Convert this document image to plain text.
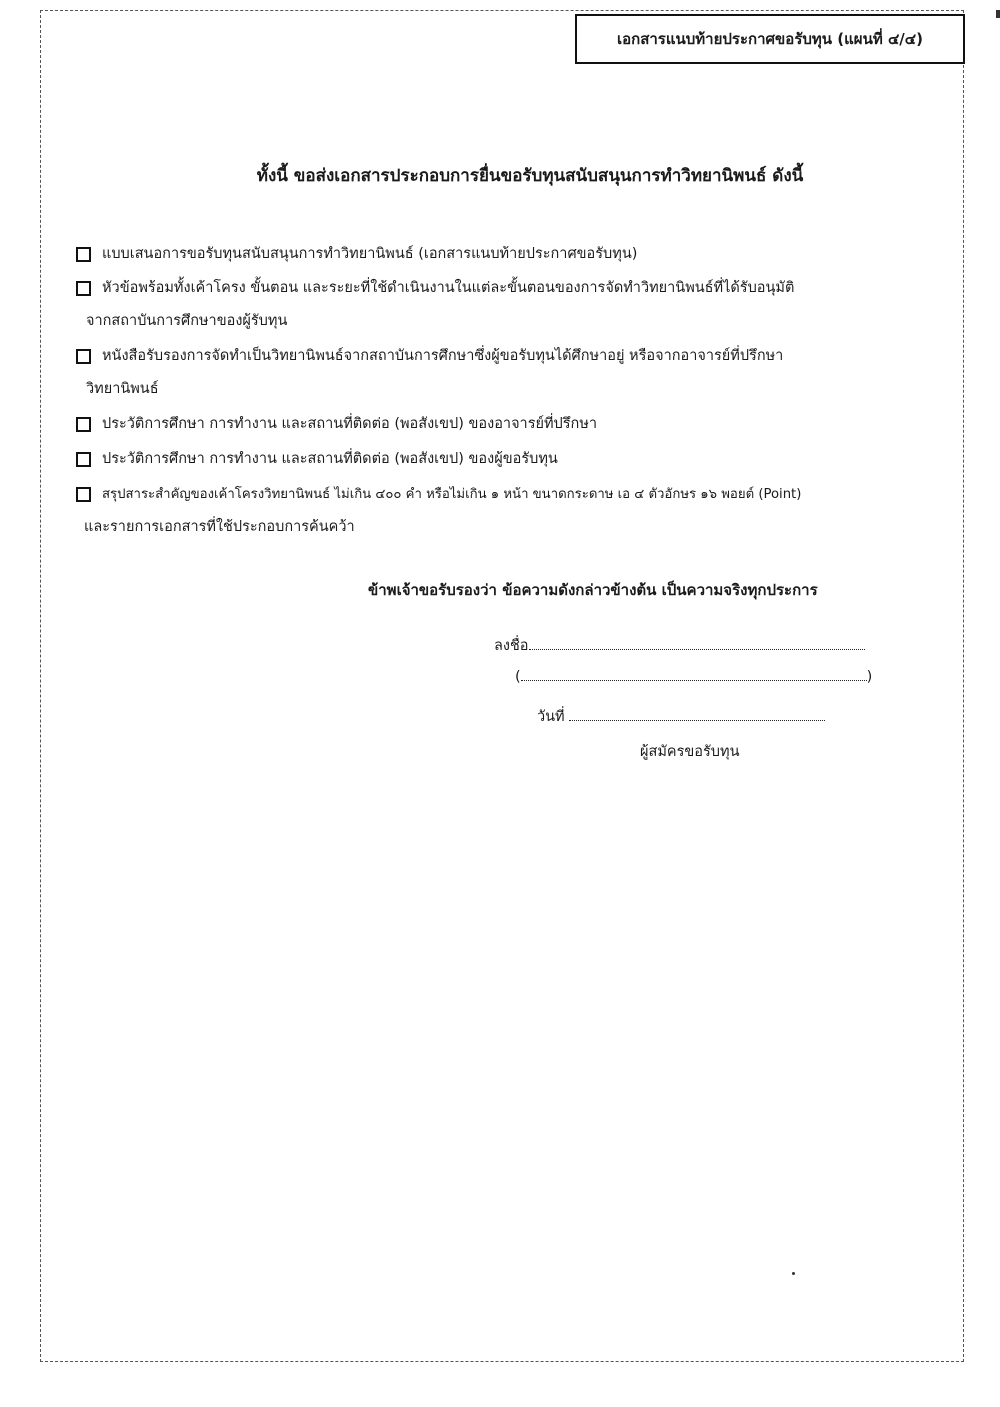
เอกสารแนบท้ายประกาศขอรับทุน (แผนที่ ๔/๔)
ทั้งนี้ ขอส่งเอกสารประกอบการยื่นขอรับทุนสนับสนุนการทำวิทยานิพนธ์ ดังนี้
แบบเสนอการขอรับทุนสนับสนุนการทำวิทยานิพนธ์ (เอกสารแนบท้ายประกาศขอรับทุน)
หัวข้อพร้อมทั้งเค้าโครง ขั้นตอน และระยะที่ใช้ดำเนินงานในแต่ละขั้นตอนของการจัดทำวิทยานิพนธ์ที่ได้รับอนุมัติ
จากสถาบันการศึกษาของผู้รับทุน
หนังสือรับรองการจัดทำเป็นวิทยานิพนธ์จากสถาบันการศึกษาซึ่งผู้ขอรับทุนได้ศึกษาอยู่ หรือจากอาจารย์ที่ปรึกษา
วิทยานิพนธ์
ประวัติการศึกษา การทำงาน และสถานที่ติดต่อ (พอสังเขป) ของอาจารย์ที่ปรึกษา
ประวัติการศึกษา การทำงาน และสถานที่ติดต่อ (พอสังเขป) ของผู้ขอรับทุน
สรุปสาระสำคัญของเค้าโครงวิทยานิพนธ์ ไม่เกิน ๔๐๐ คำ หรือไม่เกิน ๑ หน้า ขนาดกระดาษ เอ ๔ ตัวอักษร ๑๖ พอยต์ (Point)
และรายการเอกสารที่ใช้ประกอบการค้นคว้า
ข้าพเจ้าขอรับรองว่า ข้อความดังกล่าวข้างต้น เป็นความจริงทุกประการ
ลงชื่อ
(	)
วันที่
ผู้สมัครขอรับทุน
